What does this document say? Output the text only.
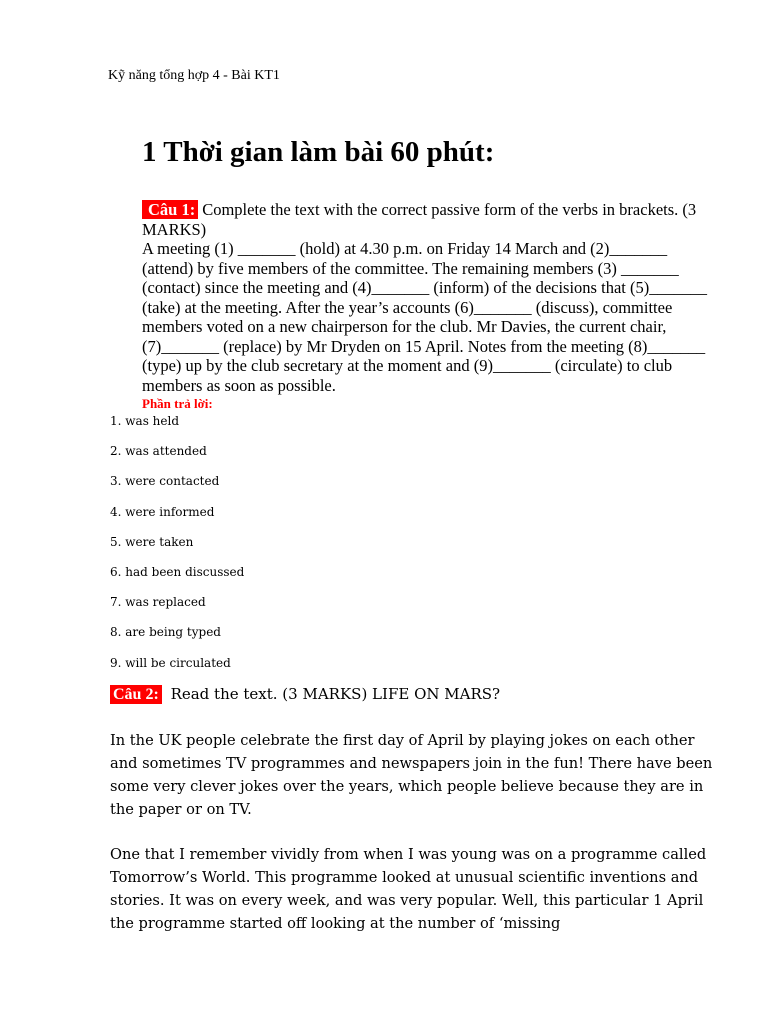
Kỹ năng tổng hợp 4 - Bài KT1
1 Thời gian làm bài 60 phút:
Câu 1: Complete the text with the correct passive form of the verbs in brackets. (3 MARKS)
A meeting (1) _______ (hold) at 4.30 p.m. on Friday 14 March and (2)_______ (attend) by five members of the committee. The remaining members (3) _______ (contact) since the meeting and (4)_______ (inform) of the decisions that (5)_______ (take) at the meeting. After the year’s accounts (6)_______ (discuss), committee members voted on a new chairperson for the club. Mr Davies, the current chair, (7)_______ (replace) by Mr Dryden on 15 April. Notes from the meeting (8)_______ (type) up by the club secretary at the moment and (9)_______ (circulate) to club members as soon as possible.
Phần trả lời:
1. was held
2. was attended
3. were contacted
4. were informed
5. were taken
6. had been discussed
7. was replaced
8. are being typed
9. will be circulated
Câu 2: Read the text. (3 MARKS) LIFE ON MARS?

In the UK people celebrate the first day of April by playing jokes on each other and sometimes TV programmes and newspapers join in the fun! There have been some very clever jokes over the years, which people believe because they are in the paper or on TV.

One that I remember vividly from when I was young was on a programme called Tomorrow’s World. This programme looked at unusual scientific inventions and stories. It was on every week, and was very popular. Well, this particular 1 April the programme started off looking at the number of ‘missing
